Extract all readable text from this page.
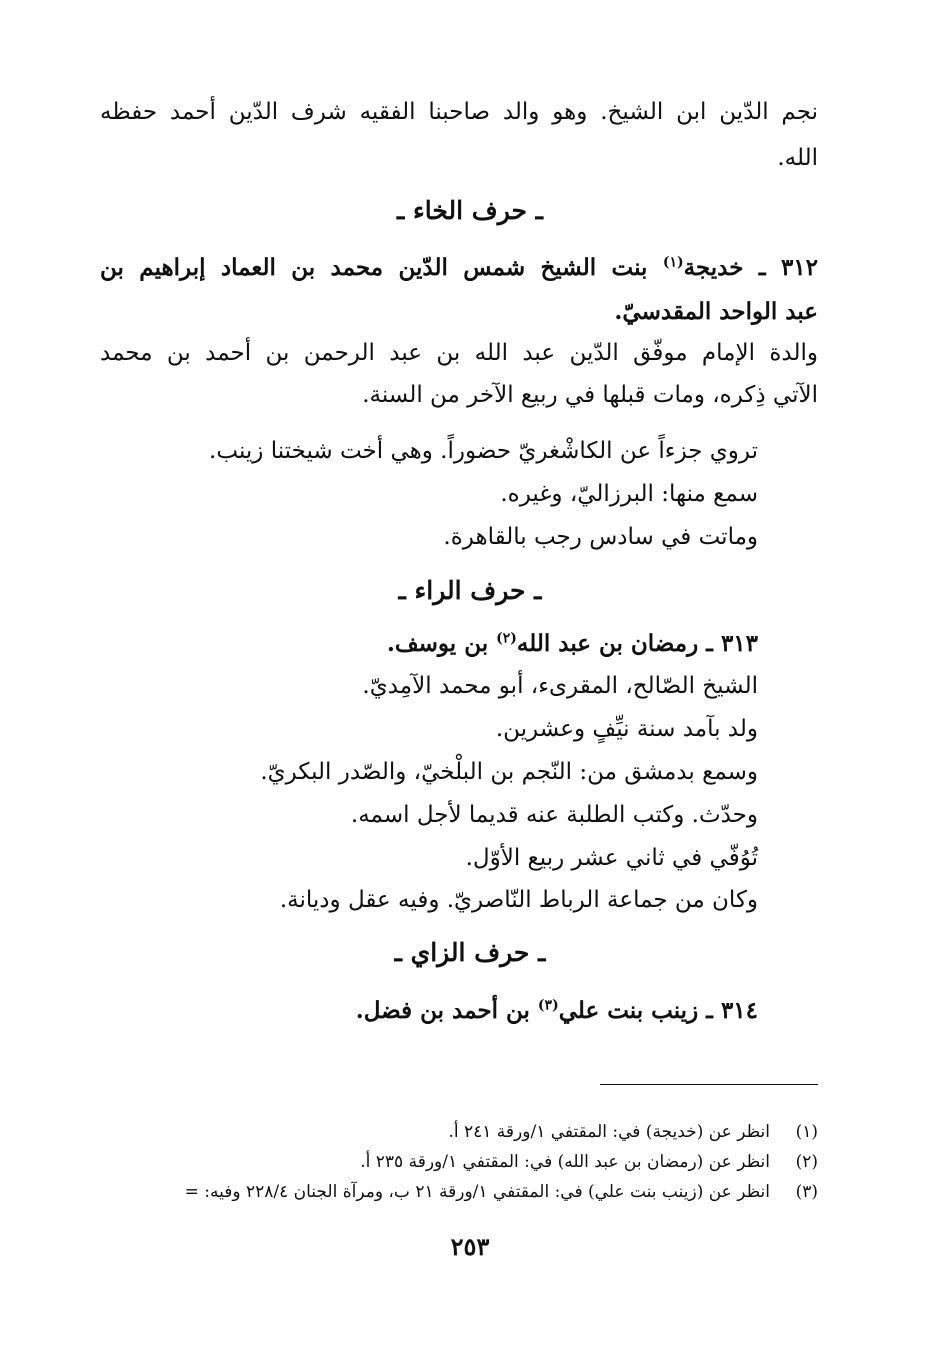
نجم الدّين ابن الشيخ. وهو والد صاحبنا الفقيه شرف الدّين أحمد حفظه
الله.
ـ حرف الخاء ـ
٣١٢ ـ خديجة$^{(١)}$ بنت الشيخ شمس الدّين محمد بن العماد إبراهيم بن
عبد الواحد المقدسيّ.
والدة الإمام موفّق الدّين عبد الله بن عبد الرحمن بن أحمد بن محمد
الآتي ذِكره، ومات قبلها في ربيع الآخر من السنة.
تروي جزءاً عن الكاشْغريّ حضوراً. وهي أخت شيختنا زينب.
سمع منها: البرزاليّ، وغيره.
وماتت في سادس رجب بالقاهرة.
ـ حرف الراء ـ
٣١٣ ـ رمضان بن عبد الله$^{(٢)}$ بن يوسف.
الشيخ الصّالح، المقرىء، أبو محمد الآمِديّ.
ولد بآمد سنة نيِّفٍ وعشرين.
وسمع بدمشق من: النّجم بن البلْخيّ، والصّدر البكريّ.
وحدّث. وكتب الطلبة عنه قديما لأجل اسمه.
تُوُفّي في ثاني عشر ربيع الأوّل.
وكان من جماعة الرباط النّاصريّ. وفيه عقل وديانة.
ـ حرف الزاي ـ
٣١٤ ـ زينب بنت علي$^{(٣)}$ بن أحمد بن فضل.
(١)انظر عن (خديجة) في: المقتفي ١/ورقة ٢٤١ أ.
(٢)انظر عن (رمضان بن عبد الله) في: المقتفي ١/ورقة ٢٣٥ أ.
(٣)انظر عن (زينب بنت علي) في: المقتفي ١/ورقة ٢١ ب، ومرآة الجنان ٢٢٨/٤ وفيه: =
٢٥٣
